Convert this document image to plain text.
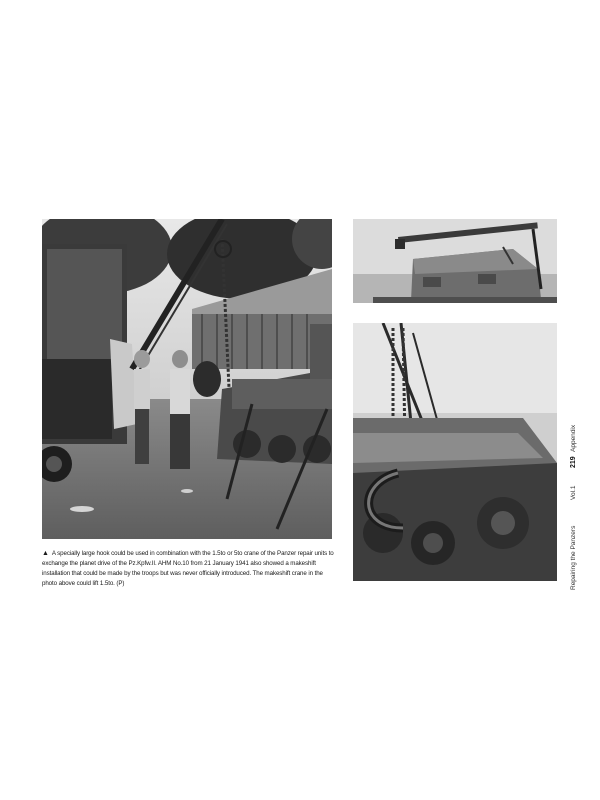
▲ A specially large hook could be used in combination with the 1.5to or 5to crane of the Panzer repair units to exchange the planet drive of the Pz.Kpfw.II. AHM No.10 from 21 January 1941 also showed a makeshift installation that could be made by the troops but was never officially introduced. The makeshift crane in the photo above could lift 1.5to. (P)
Appendix
219
Vol.1
Repairing the Panzers
